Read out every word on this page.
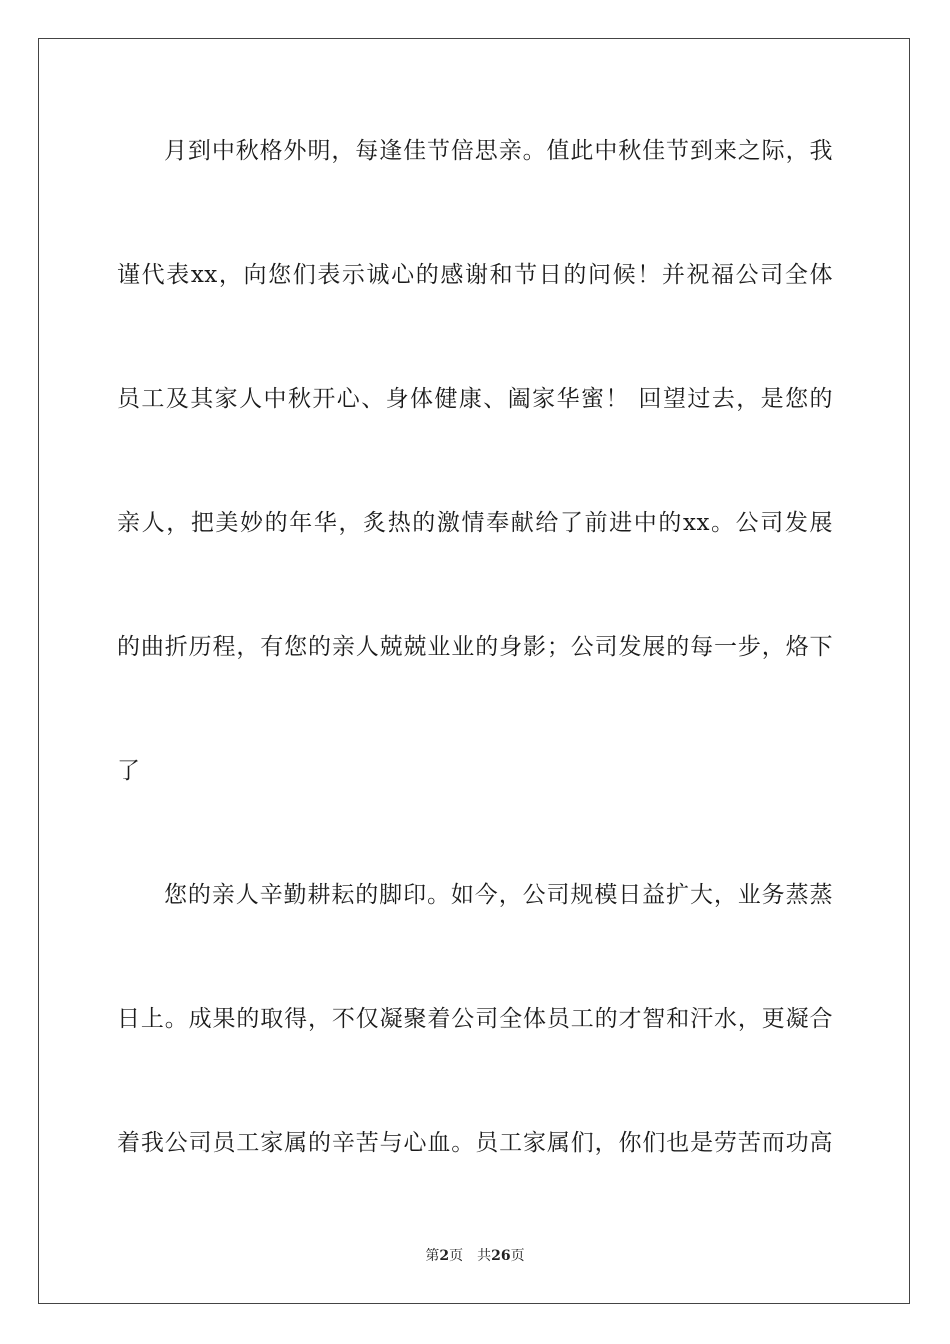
月到中秋格外明，每逢佳节倍思亲。值此中秋佳节到来之际，我
谨代表xx，向您们表示诚心的感谢和节日的问候！并祝福公司全体
员工及其家人中秋开心、身体健康、阖家华蜜！ 回望过去，是您的
亲人，把美妙的年华，炙热的激情奉献给了前进中的xx。公司发展
的曲折历程，有您的亲人兢兢业业的身影；公司发展的每一步，烙下
了
您的亲人辛勤耕耘的脚印。如今，公司规模日益扩大，业务蒸蒸
日上。成果的取得，不仅凝聚着公司全体员工的才智和汗水，更凝合
着我公司员工家属的辛苦与心血。员工家属们，你们也是劳苦而功高
第2页 共26页
